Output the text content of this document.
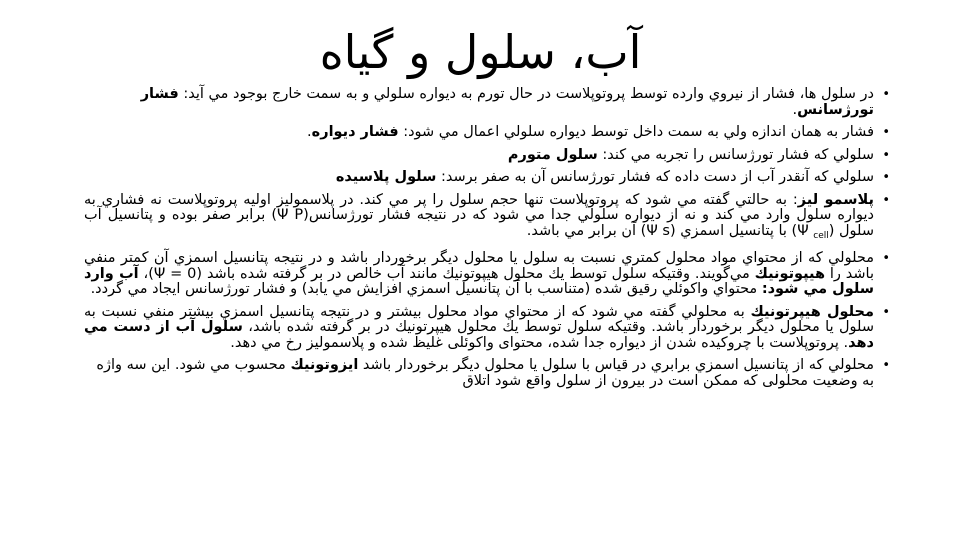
آب، سلول و گیاه
• در سلول ها، فشار از نيروي وارده توسط پروتوپلاست در حال تورم به ديواره سلولي و به سمت خارج بوجود مي آيد: فشار تورژسانس.
• فشار به همان اندازه ولي به سمت داخل توسط ديواره سلولي اعمال مي شود: فشار ديواره.
• سلولي كه فشار تورژسانس را تجربه مي كند: سلول متورم
• سلولي كه آنقدر آب از دست داده كه فشار تورژسانس آن به صفر برسد: سلول پلاسيده
• پلاسمو ليز: به حالتي گفته مي شود كه پروتوپلاست تنها حجم سلول را پر مي كند. در پلاسموليز اوليه پروتوپلاست نه فشاري به ديواره سلول وارد مي كند و نه از ديواره سلولي جدا مي شود كه در نتيجه فشار تورژسانس(Ψ P) برابر صفر بوده و پتانسيل آب سلول (Ψ $_{cell}$) با پتانسيل اسمزي (Ψ s) آن برابر مي باشد.
• محلولي كه از محتواي مواد محلول كمتري نسبت به سلول يا محلول ديگر برخوردار باشد و در نتيجه پتانسيل اسمزي آن كمتر منفي باشد را هيپوتونيك مي‌گويند. وقتيكه سلول توسط يك محلول هيپوتونيك مانند آب خالص در بر گرفته شده باشد (Ψ = 0)، آب وارد سلول مي شود: محتواي واكوئلي رقيق شده (متناسب با آن پتانسيل اسمزي افزايش مي يابد) و فشار تورژسانس ايجاد مي گردد.
• محلول هيپرتونيك به محلولي گفته مي شود كه از محتواي مواد محلول بيشتر و در نتيجه پتانسيل اسمزي بيشتر منفي نسبت به سلول يا محلول ديگر برخوردار باشد. وقتيكه سلول توسط يك محلول هيپرتونيك در بر گرفته شده باشد، سلول آب از دست مي دهد. پروتوپلاست با چروكيده شدن از ديواره جدا شده، محتوای واكوئلی غليظ شده و پلاسموليز رخ مي دهد.
• محلولي كه از پتانسيل اسمزي برابري در قياس با سلول يا محلول ديگر برخوردار باشد ايزوتونيك محسوب مي شود. اين سه واژه به وضعيت محلولی كه ممكن است در بيرون از سلول واقع شود اتلاق
